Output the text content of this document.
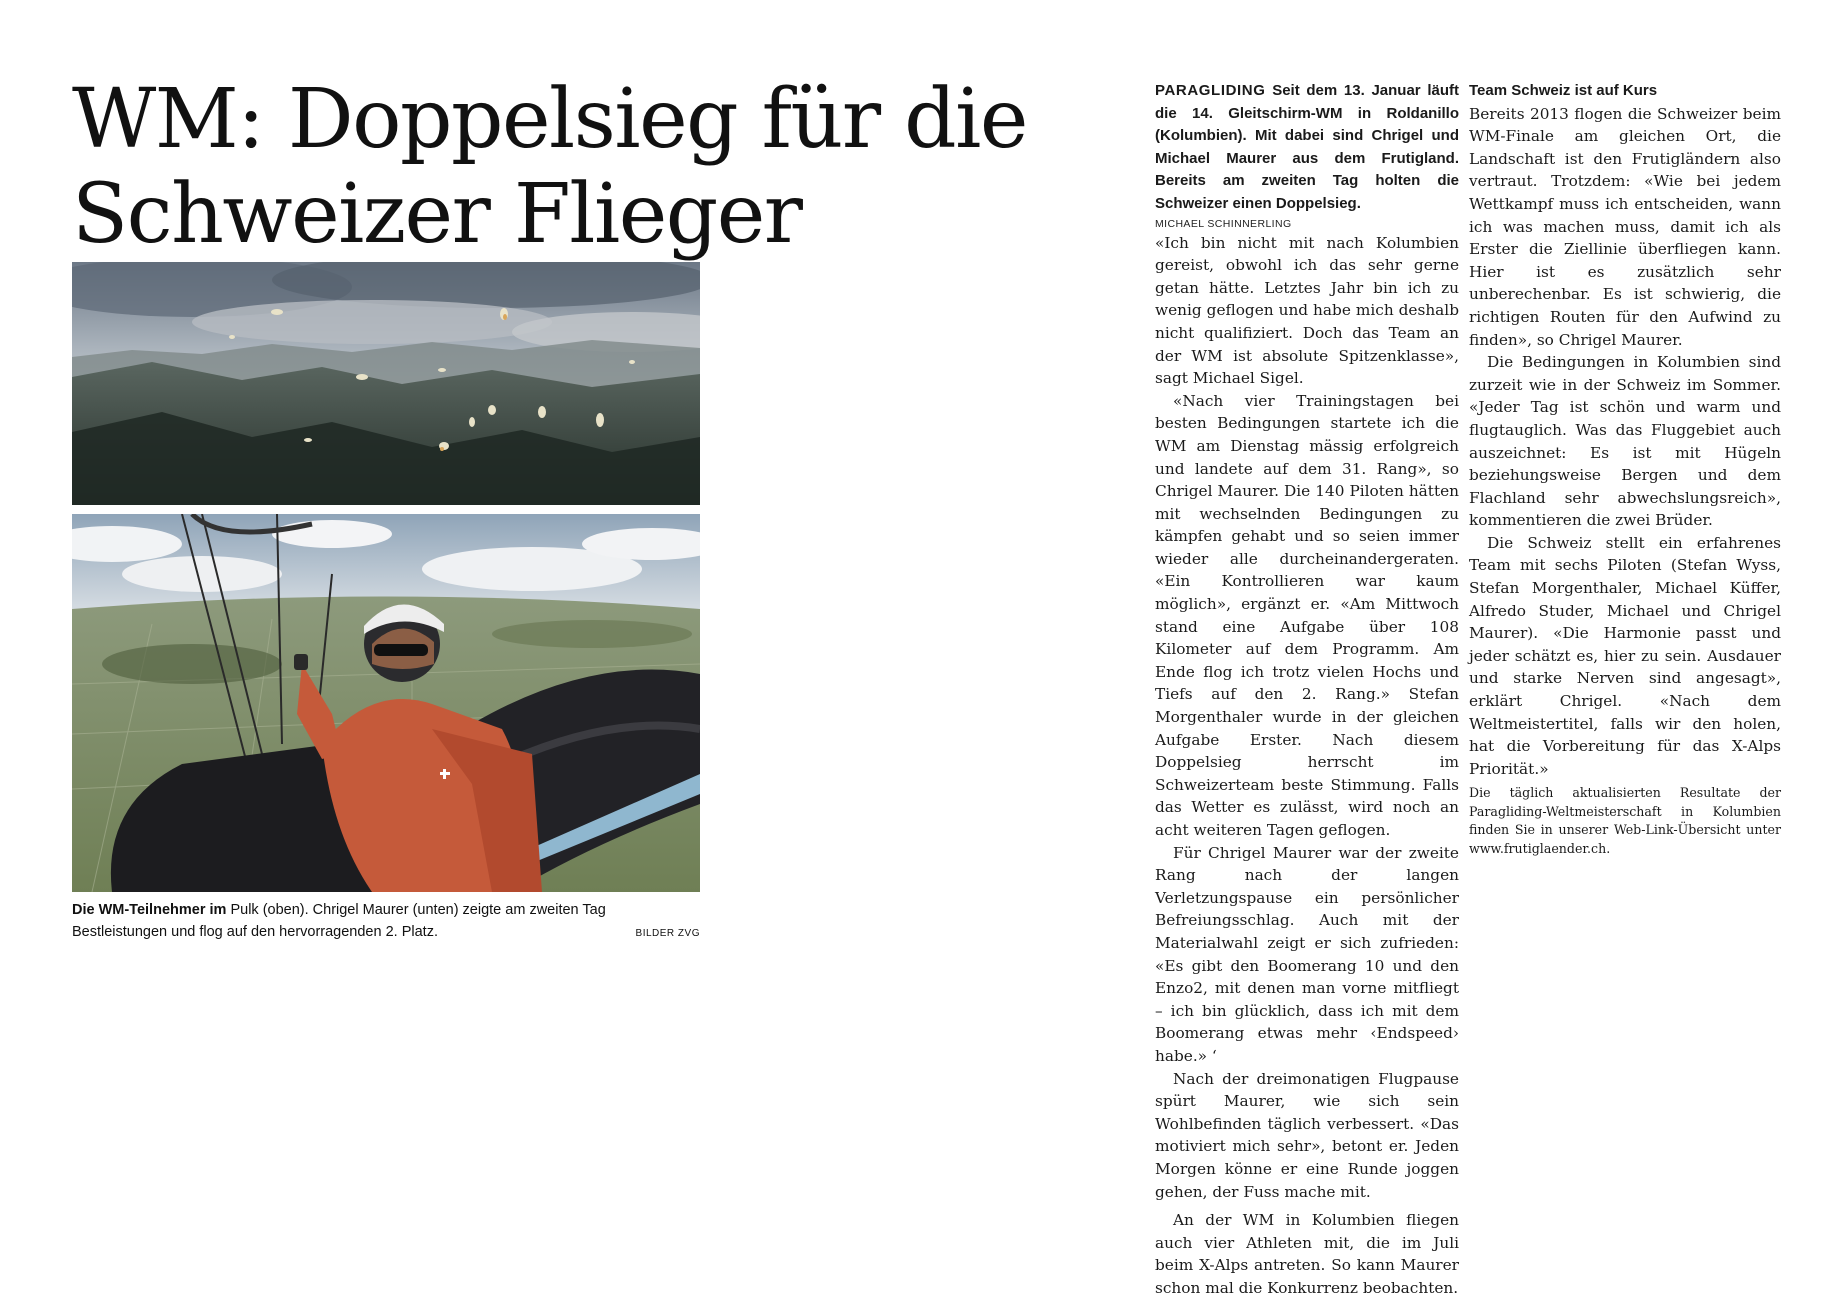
WM: Doppelsieg für die
Schweizer Flieger
Die WM-Teilnehmer im Pulk (oben). Chrigel Maurer (unten) zeigte am zweiten Tag Bestleistungen und flog auf den hervorragenden 2. Platz.	BILDER ZVG

PARAGLIDING Seit dem 13. Januar läuft die 14. Gleitschirm-WM in Roldanillo (Kolumbien). Mit dabei sind Chrigel und Michael Maurer aus dem Frutigland. Bereits am zweiten Tag holten die Schweizer einen Doppelsieg.

MICHAEL SCHINNERLING

«Ich bin nicht mit nach Kolumbien gereist, obwohl ich das sehr gerne getan hätte. Letztes Jahr bin ich zu wenig geflogen und habe mich deshalb nicht qualifiziert. Doch das Team an der WM ist absolute Spitzenklasse», sagt Michael Sigel.

«Nach vier Trainingstagen bei besten Bedingungen startete ich die WM am Dienstag mässig erfolgreich und landete auf dem 31. Rang», so Chrigel Maurer. Die 140 Piloten hätten mit wechselnden Bedingungen zu kämpfen gehabt und so seien immer wieder alle durcheinandergeraten. «Ein Kontrollieren war kaum möglich», ergänzt er. «Am Mittwoch stand eine Aufgabe über 108 Kilometer auf dem Programm. Am Ende flog ich trotz vielen Hochs und Tiefs auf den 2. Rang.» Stefan Morgenthaler wurde in der gleichen Aufgabe Erster. Nach diesem Doppelsieg herrscht im Schweizerteam beste Stimmung. Falls das Wetter es zulässt, wird noch an acht weiteren Tagen geflogen.

Für Chrigel Maurer war der zweite Rang nach der langen Verletzungspause ein persönlicher Befreiungsschlag. Auch mit der Materialwahl zeigt er sich zufrieden: «Es gibt den Boomerang 10 und den Enzo2, mit denen man vorne mitfliegt – ich bin glücklich, dass ich mit dem Boomerang etwas mehr ‹Endspeed› habe.» ‘

Nach der dreimonatigen Flugpause spürt Maurer, wie sich sein Wohlbefinden täglich verbessert. «Das motiviert mich sehr», betont er. Jeden Morgen könne er eine Runde joggen gehen, der Fuss mache mit.

An der WM in Kolumbien fliegen auch vier Athleten mit, die im Juli beim X-Alps antreten. So kann Maurer schon mal die Konkurrenz beobachten.

Team Schweiz ist auf Kurs

Bereits 2013 flogen die Schweizer beim WM-Finale am gleichen Ort, die Landschaft ist den Frutigländern also vertraut. Trotzdem: «Wie bei jedem Wettkampf muss ich entscheiden, wann ich was machen muss, damit ich als Erster die Ziellinie überfliegen kann. Hier ist es zusätzlich sehr unberechenbar. Es ist schwierig, die richtigen Routen für den Aufwind zu finden», so Chrigel Maurer.

Die Bedingungen in Kolumbien sind zurzeit wie in der Schweiz im Sommer. «Jeder Tag ist schön und warm und flugtauglich. Was das Fluggebiet auch auszeichnet: Es ist mit Hügeln beziehungsweise Bergen und dem Flachland sehr abwechslungsreich», kommentieren die zwei Brüder.

Die Schweiz stellt ein erfahrenes Team mit sechs Piloten (Stefan Wyss, Stefan Morgenthaler, Michael Küffer, Alfredo Studer, Michael und Chrigel Maurer). «Die Harmonie passt und jeder schätzt es, hier zu sein. Ausdauer und starke Nerven sind angesagt», erklärt Chrigel. «Nach dem Weltmeistertitel, falls wir den holen, hat die Vorbereitung für das X-Alps Priorität.»

Die täglich aktualisierten Resultate der Paragliding-Weltmeisterschaft in Kolumbien finden Sie in unserer Web-Link-Übersicht unter www.frutiglaender.ch.
